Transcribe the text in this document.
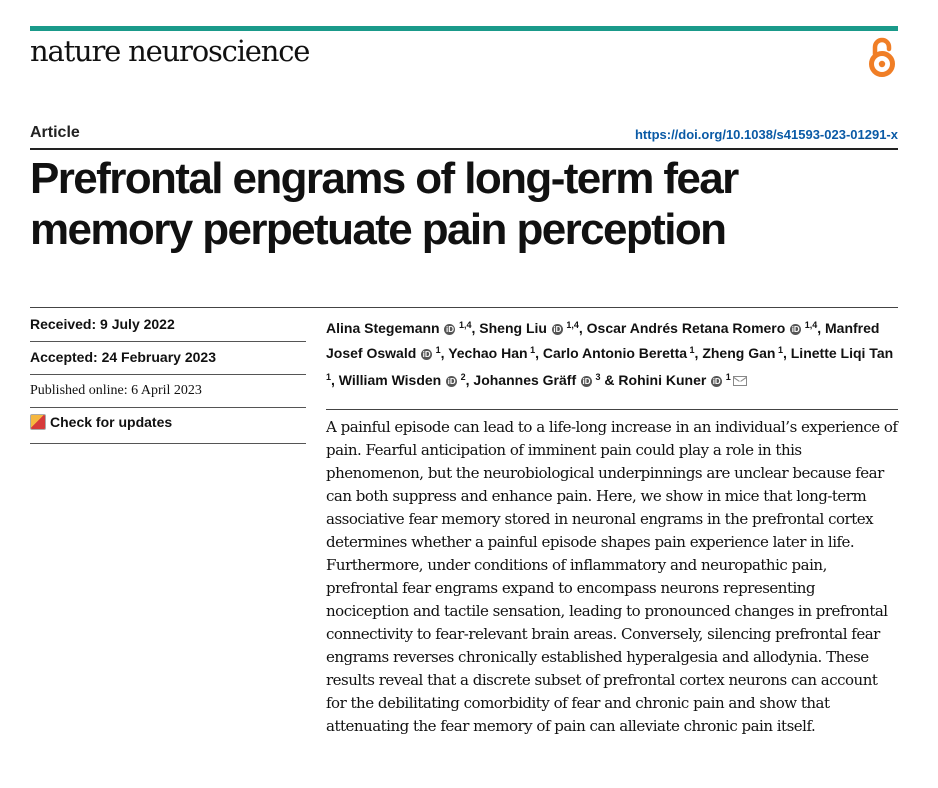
nature neuroscience
Article	https://doi.org/10.1038/s41593-023-01291-x
Prefrontal engrams of long-term fear memory perpetuate pain perception
Received: 9 July 2022
Accepted: 24 February 2023
Published online: 6 April 2023
Check for updates
Alina Stegemann iD $^{1,4}$, Sheng Liu iD $^{1,4}$, Oscar Andrés Retana Romero iD $^{1,4}$, Manfred Josef Oswald iD $^1$, Yechao Han $^1$, Carlo Antonio Beretta $^1$, Zheng Gan $^1$, Linette Liqi Tan $^1$, William Wisden iD $^2$, Johannes Gräff iD $^3$ & Rohini Kuner iD $^1$

A painful episode can lead to a life-long increase in an individual’s experience of pain. Fearful anticipation of imminent pain could play a role in this phenomenon, but the neurobiological underpinnings are unclear because fear can both suppress and enhance pain. Here, we show in mice that long-term associative fear memory stored in neuronal engrams in the prefrontal cortex determines whether a painful episode shapes pain experience later in life. Furthermore, under conditions of inflammatory and neuropathic pain, prefrontal fear engrams expand to encompass neurons representing nociception and tactile sensation, leading to pronounced changes in prefrontal connectivity to fear-relevant brain areas. Conversely, silencing prefrontal fear engrams reverses chronically established hyperalgesia and allodynia. These results reveal that a discrete subset of prefrontal cortex neurons can account for the debilitating comorbidity of fear and chronic pain and show that attenuating the fear memory of pain can alleviate chronic pain itself.
